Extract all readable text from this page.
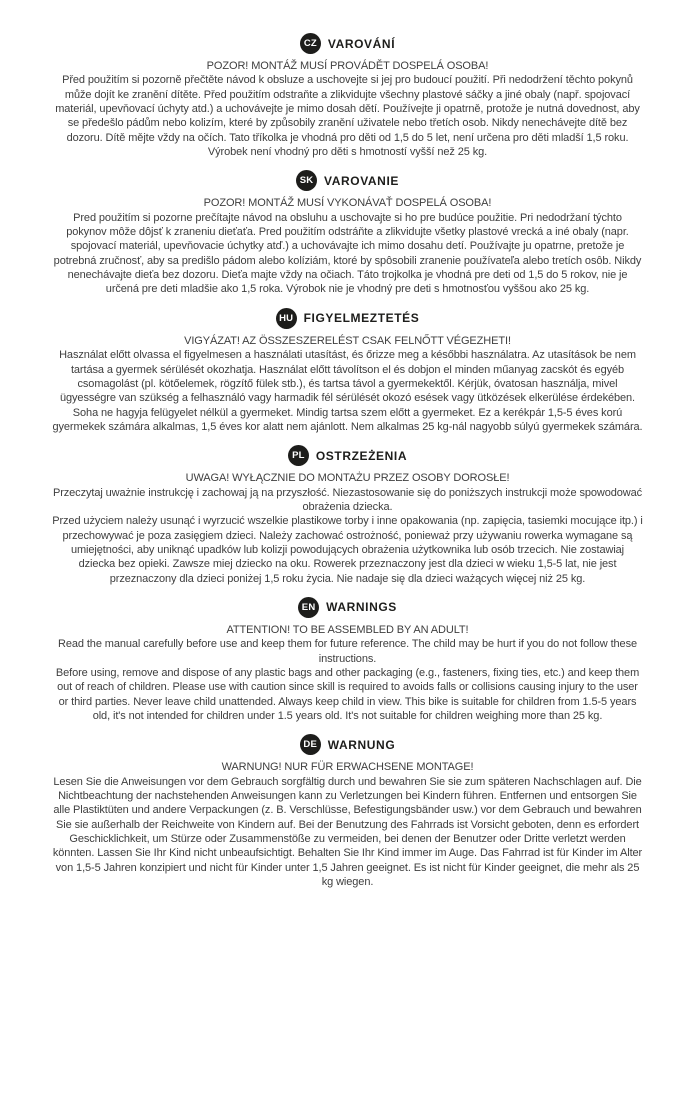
CZ VAROVÁNÍ

POZOR! MONTÁŽ MUSÍ PROVÁDĚT DOSPELÁ OSOBA!

Před použitím si pozorně přečtěte návod k obsluze a uschovejte si jej pro budoucí použití. Při nedodržení těchto pokynů může dojít ke zranění dítěte. Před použitím odstraňte a zlikvidujte všechny plastové sáčky a jiné obaly (např. spojovací materiál, upevňovací úchyty atd.) a uchovávejte je mimo dosah dětí. Používejte ji opatrně, protože je nutná dovednost, aby se předešlo pádům nebo kolizím, které by způsobily zranění uživatele nebo třetích osob. Nikdy nenechávejte dítě bez dozoru. Dítě mějte vždy na očích. Tato tříkolka je vhodná pro děti od 1,5 do 5 let, není určena pro děti mladší 1,5 roku. Výrobek není vhodný pro děti s hmotností vyšší než 25 kg.

SK VAROVANIE

POZOR! MONTÁŽ MUSÍ VYKONÁVAŤ DOSPELÁ OSOBA!

Pred použitím si pozorne prečítajte návod na obsluhu a uschovajte si ho pre budúce použitie. Pri nedodržaní týchto pokynov môže dôjsť k zraneniu dieťaťa. Pred použitím odstráňte a zlikvidujte všetky plastové vrecká a iné obaly (napr. spojovací materiál, upevňovacie úchytky atď.) a uchovávajte ich mimo dosahu detí. Používajte ju opatrne, pretože je potrebná zručnosť, aby sa predišlo pádom alebo kolíziám, ktoré by spôsobili zranenie používateľa alebo tretích osôb. Nikdy nenechávajte dieťa bez dozoru. Dieťa majte vždy na očiach. Táto trojkolka je vhodná pre deti od 1,5 do 5 rokov, nie je určená pre deti mladšie ako 1,5 roka. Výrobok nie je vhodný pre deti s hmotnosťou vyššou ako 25 kg.

HU FIGYELMEZTETÉS

VIGYÁZAT! AZ ÖSSZESZERELÉST CSAK FELNŐTT VÉGEZHETI!

Használat előtt olvassa el figyelmesen a használati utasítást, és őrizze meg a későbbi használatra. Az utasítások be nem tartása a gyermek sérülését okozhatja. Használat előtt távolítson el és dobjon el minden műanyag zacskót és egyéb csomagolást (pl. kötőelemek, rögzítő fülek stb.), és tartsa távol a gyermekektől. Kérjük, óvatosan használja, mivel ügyességre van szükség a felhasználó vagy harmadik fél sérülését okozó esések vagy ütközések elkerülése érdekében. Soha ne hagyja felügyelet nélkül a gyermeket. Mindig tartsa szem előtt a gyermeket. Ez a kerékpár 1,5-5 éves korú gyermekek számára alkalmas, 1,5 éves kor alatt nem ajánlott. Nem alkalmas 25 kg-nál nagyobb súlyú gyermekek számára.

PL OSTRZEŻENIA

UWAGA! WYŁĄCZNIE DO MONTAŻU PRZEZ OSOBY DOROSŁE!

Przeczytaj uważnie instrukcję i zachowaj ją na przyszłość. Niezastosowanie się do poniższych instrukcji może spowodować obrażenia dziecka.

Przed użyciem należy usunąć i wyrzucić wszelkie plastikowe torby i inne opakowania (np. zapięcia, tasiemki mocujące itp.) i przechowywać je poza zasięgiem dzieci. Należy zachować ostrożność, ponieważ przy używaniu rowerka wymagane są umiejętności, aby uniknąć upadków lub kolizji powodujących obrażenia użytkownika lub osób trzecich. Nie zostawiaj dziecka bez opieki. Zawsze miej dziecko na oku. Rowerek przeznaczony jest dla dzieci w wieku 1,5-5 lat, nie jest przeznaczony dla dzieci poniżej 1,5 roku życia. Nie nadaje się dla dzieci ważących więcej niż 25 kg.

EN WARNINGS

ATTENTION! TO BE ASSEMBLED BY AN ADULT!

Read the manual carefully before use and keep them for future reference. The child may be hurt if you do not follow these instructions.

Before using, remove and dispose of any plastic bags and other packaging (e.g., fasteners, fixing ties, etc.) and keep them out of reach of children. Please use with caution since skill is required to avoids falls or collisions causing injury to the user or third parties. Never leave child unattended. Always keep child in view. This bike is suitable for children from 1.5-5 years old, it's not intended for children under 1.5 years old. It's not suitable for children weighing more than 25 kg.

DE WARNUNG

WARNUNG! NUR FÜR ERWACHSENE MONTAGE!

Lesen Sie die Anweisungen vor dem Gebrauch sorgfältig durch und bewahren Sie sie zum späteren Nachschlagen auf. Die Nichtbeachtung der nachstehenden Anweisungen kann zu Verletzungen bei Kindern führen. Entfernen und entsorgen Sie alle Plastiktüten und andere Verpackungen (z. B. Verschlüsse, Befestigungsbänder usw.) vor dem Gebrauch und bewahren Sie sie außerhalb der Reichweite von Kindern auf. Bei der Benutzung des Fahrrads ist Vorsicht geboten, denn es erfordert Geschicklichkeit, um Stürze oder Zusammenstöße zu vermeiden, bei denen der Benutzer oder Dritte verletzt werden könnten. Lassen Sie Ihr Kind nicht unbeaufsichtigt. Behalten Sie Ihr Kind immer im Auge. Das Fahrrad ist für Kinder im Alter von 1,5-5 Jahren konzipiert und nicht für Kinder unter 1,5 Jahren geeignet. Es ist nicht für Kinder geeignet, die mehr als 25 kg wiegen.
